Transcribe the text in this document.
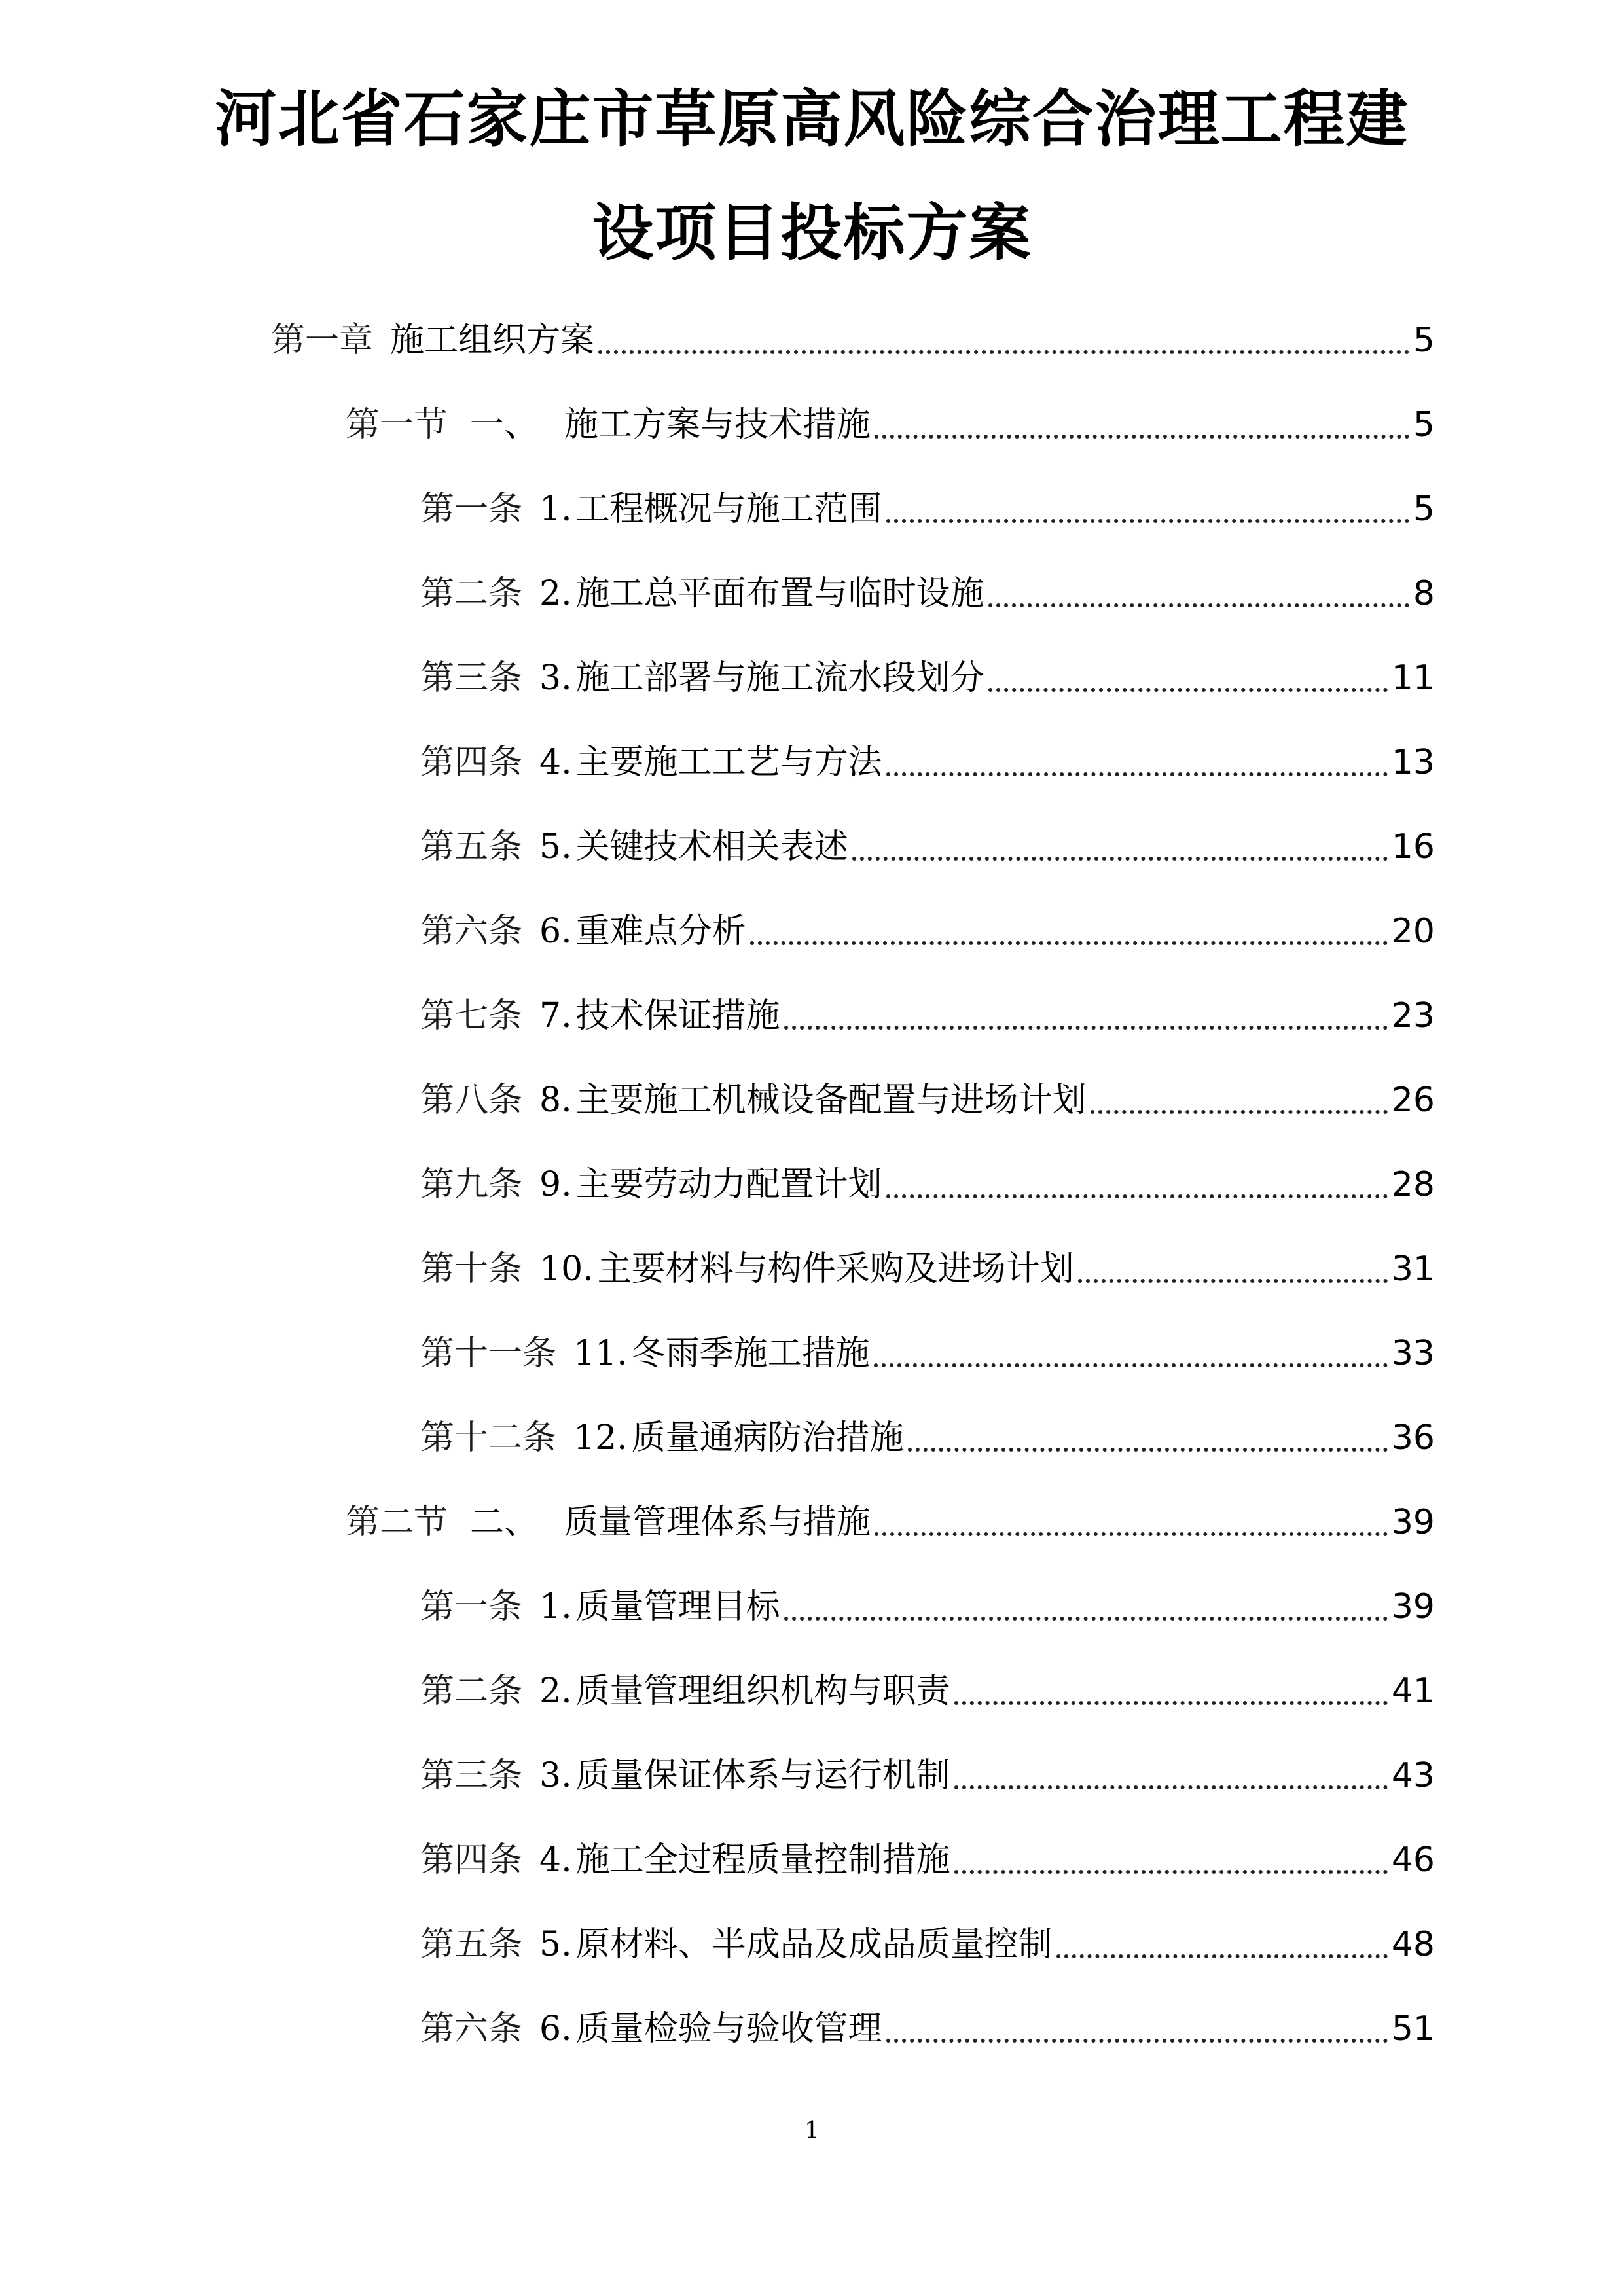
河北省石家庄市草原高风险综合治理工程建
设项目投标方案
第一章 施工组织方案	5
第一节 一、 施工方案与技术措施	5
第一条 1. 工程概况与施工范围	5
第二条 2. 施工总平面布置与临时设施	8
第三条 3. 施工部署与施工流水段划分	11
第四条 4. 主要施工工艺与方法	13
第五条 5. 关键技术相关表述	16
第六条 6. 重难点分析	20
第七条 7. 技术保证措施	23
第八条 8. 主要施工机械设备配置与进场计划	26
第九条 9. 主要劳动力配置计划	28
第十条 10. 主要材料与构件采购及进场计划	31
第十一条 11. 冬雨季施工措施	33
第十二条 12. 质量通病防治措施	36
第二节 二、 质量管理体系与措施	39
第一条 1. 质量管理目标	39
第二条 2. 质量管理组织机构与职责	41
第三条 3. 质量保证体系与运行机制	43
第四条 4. 施工全过程质量控制措施	46
第五条 5. 原材料、半成品及成品质量控制	48
第六条 6. 质量检验与验收管理	51
1
